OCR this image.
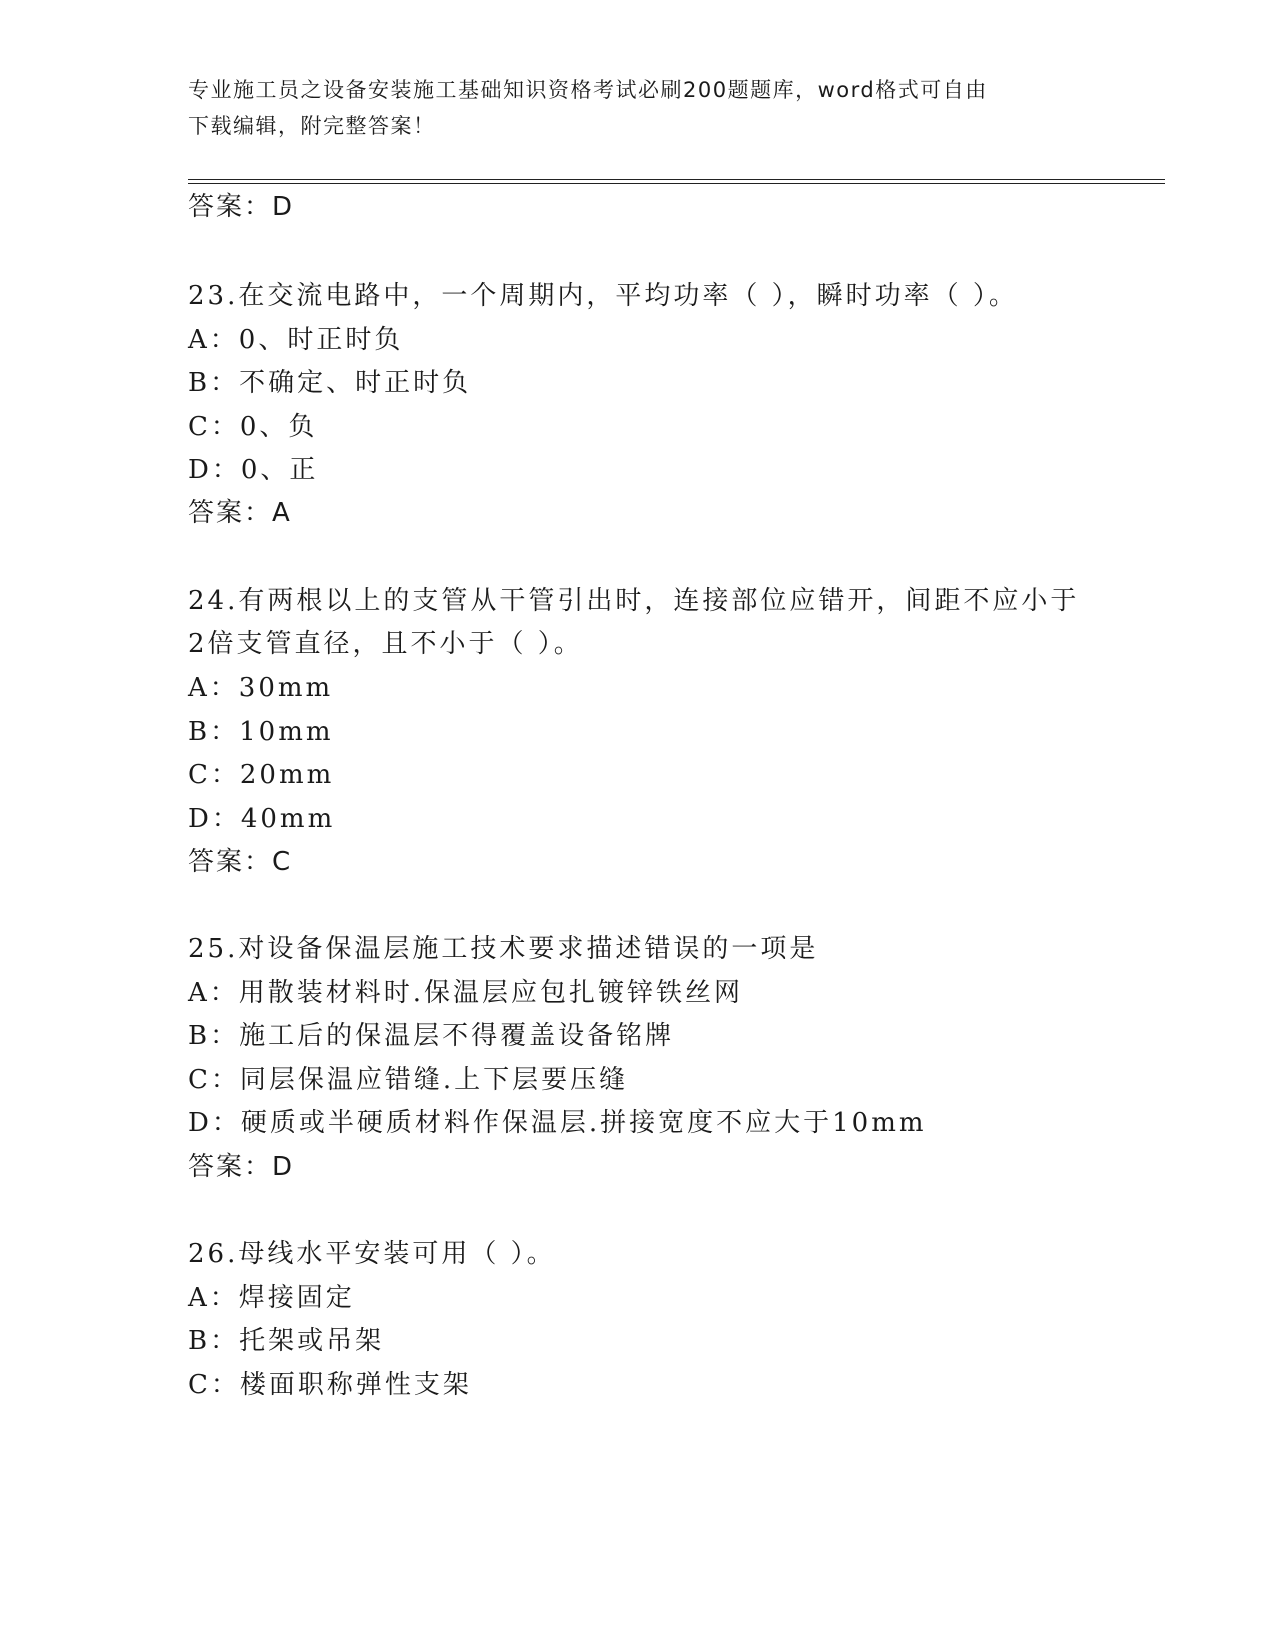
专业施工员之设备安装施工基础知识资格考试必刷200题题库，word格式可自由
下载编辑，附完整答案！
答案：D
23.在交流电路中，一个周期内，平均功率（ ），瞬时功率（ ）。
A：0、时正时负
B：不确定、时正时负
C：0、负
D：0、正
答案：A
24.有两根以上的支管从干管引出时，连接部位应错开，间距不应小于
2倍支管直径，且不小于（ ）。
A：30mm
B：10mm
C：20mm
D：40mm
答案：C
25.对设备保温层施工技术要求描述错误的一项是
A：用散装材料时.保温层应包扎镀锌铁丝网
B：施工后的保温层不得覆盖设备铭牌
C：同层保温应错缝.上下层要压缝
D：硬质或半硬质材料作保温层.拼接宽度不应大于10mm
答案：D
26.母线水平安装可用（ ）。
A：焊接固定
B：托架或吊架
C：楼面职称弹性支架
